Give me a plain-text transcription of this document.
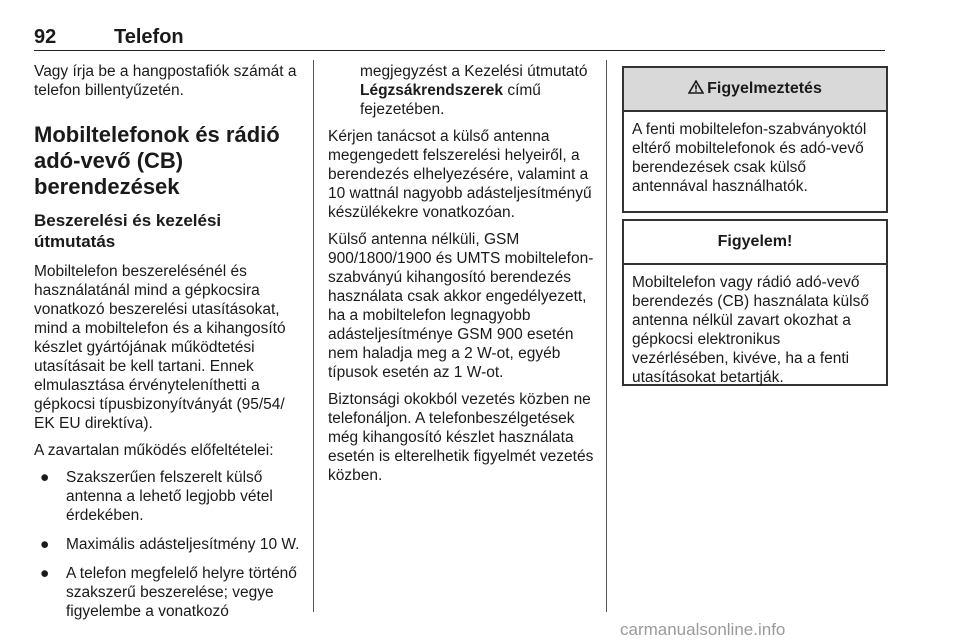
92	Telefon

Vagy írja be a hangpostafiók számát a telefon billentyűzetén.

Mobiltelefonok és rádió adó-vevő (CB) berendezések
Beszerelési és kezelési útmutatás

Mobiltelefon beszerelésénél és használatánál mind a gépkocsira vonatkozó beszerelési utasításokat, mind a mobiltelefon és a kihangosító készlet gyártójának működtetési utasításait be kell tartani. Ennek elmulasztása érvényteleníthetti a gépkocsi típusbizonyítványát (95/54/ EK EU direktíva).

A zavartalan működés előfeltételei:

● Szakszerűen felszerelt külső antenna a lehető legjobb vétel érdekében.
● Maximális adásteljesítmény 10 W.
● A telefon megfelelő helyre történő szakszerű beszerelése; vegye figyelembe a vonatkozó

megjegyzést a Kezelési útmutató
Légzsákrendszerek című fejezetében.

Kérjen tanácsot a külső antenna megengedett felszerelési helyeiről, a berendezés elhelyezésére, valamint a 10 wattnál nagyobb adásteljesítményű készülékekre vonatkozóan.

Külső antenna nélküli, GSM 900/1800/1900 és UMTS mobiltelefon-szabványú kihangosító berendezés használata csak akkor engedélyezett, ha a mobiltelefon legnagyobb adásteljesítménye GSM 900 esetén nem haladja meg a 2 W-ot, egyéb típusok esetén az 1 W-ot.

Biztonsági okokból vezetés közben ne telefonáljon. A telefonbeszélgetések még kihangosító készlet használata esetén is elterelhetik figyelmét vezetés közben.

Figyelmeztetés
A fenti mobiltelefon-szabványoktól eltérő mobiltelefonok és adó-vevő berendezések csak külső antennával használhatók.
Figyelem!
Mobiltelefon vagy rádió adó-vevő berendezés (CB) használata külső antenna nélkül zavart okozhat a gépkocsi elektronikus vezérlésében, kivéve, ha a fenti utasításokat betartják.
carmanualsonline.info
